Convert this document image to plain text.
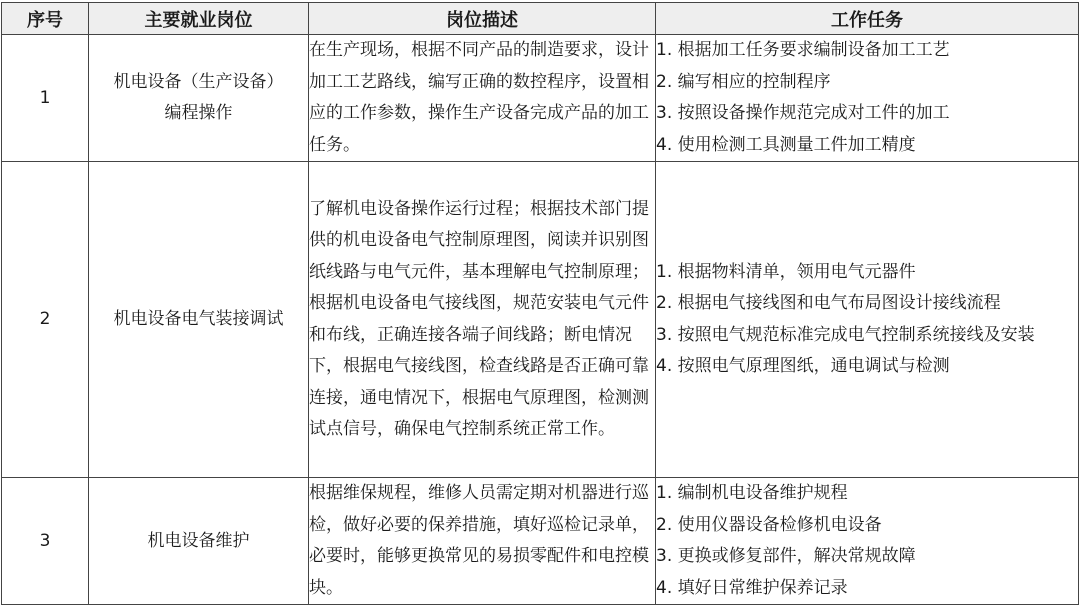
序号	主要就业岗位	岗位描述	工作任务
1	机电设备（生产设备）编程操作	在生产现场，根据不同产品的制造要求，设计加工工艺路线，编写正确的数控程序，设置相应的工作参数，操作生产设备完成产品的加工任务。	1. 根据加工任务要求编制设备加工工艺
2. 编写相应的控制程序
3. 按照设备操作规范完成对工件的加工
4. 使用检测工具测量工件加工精度

2	机电设备电气装接调试	了解机电设备操作运行过程；根据技术部门提供的机电设备电气控制原理图，阅读并识别图纸线路与电气元件，基本理解电气控制原理；根据机电设备电气接线图，规范安装电气元件和布线，正确连接各端子间线路；断电情况下，根据电气接线图，检查线路是否正确可靠连接，通电情况下，根据电气原理图，检测测试点信号，确保电气控制系统正常工作。	1. 根据物料清单，领用电气元器件
2. 根据电气接线图和电气布局图设计接线流程
3. 按照电气规范标准完成电气控制系统接线及安装
4. 按照电气原理图纸，通电调试与检测

3	机电设备维护	根据维保规程，维修人员需定期对机器进行巡检，做好必要的保养措施，填好巡检记录单，必要时，能够更换常见的易损零配件和电控模块。	1. 编制机电设备维护规程
2. 使用仪器设备检修机电设备
3. 更换或修复部件，解决常规故障
4. 填好日常维护保养记录
